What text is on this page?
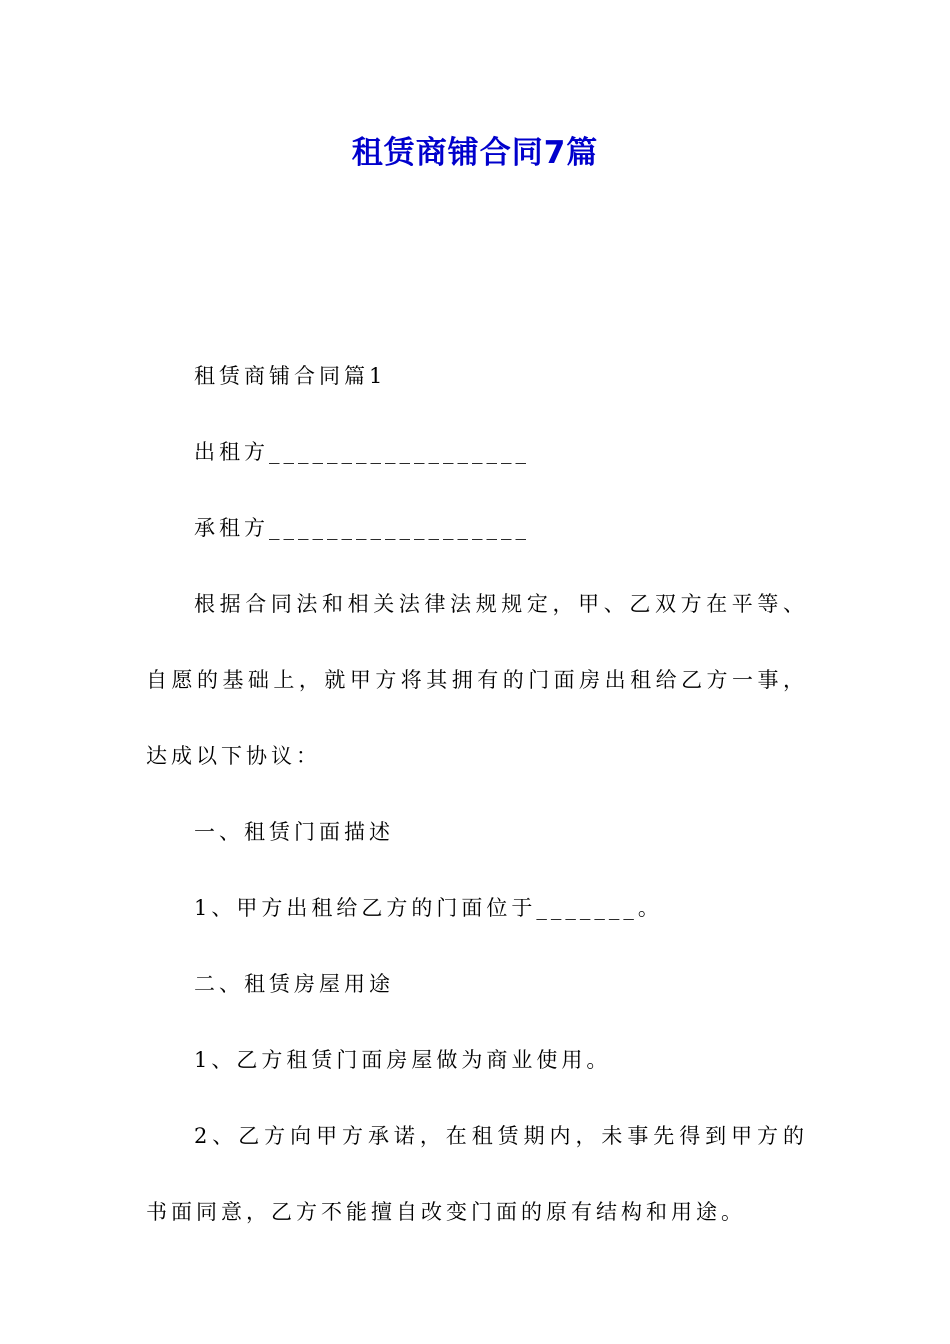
租赁商铺合同7篇

租赁商铺合同篇1

出租方__________________

承租方__________________

根据合同法和相关法律法规规定，甲、乙双方在平等、自愿的基础上，就甲方将其拥有的门面房出租给乙方一事，达成以下协议：

一、租赁门面描述

1、甲方出租给乙方的门面位于_______。

二、租赁房屋用途

1、乙方租赁门面房屋做为商业使用。

2、乙方向甲方承诺，在租赁期内，未事先得到甲方的书面同意，乙方不能擅自改变门面的原有结构和用途。
